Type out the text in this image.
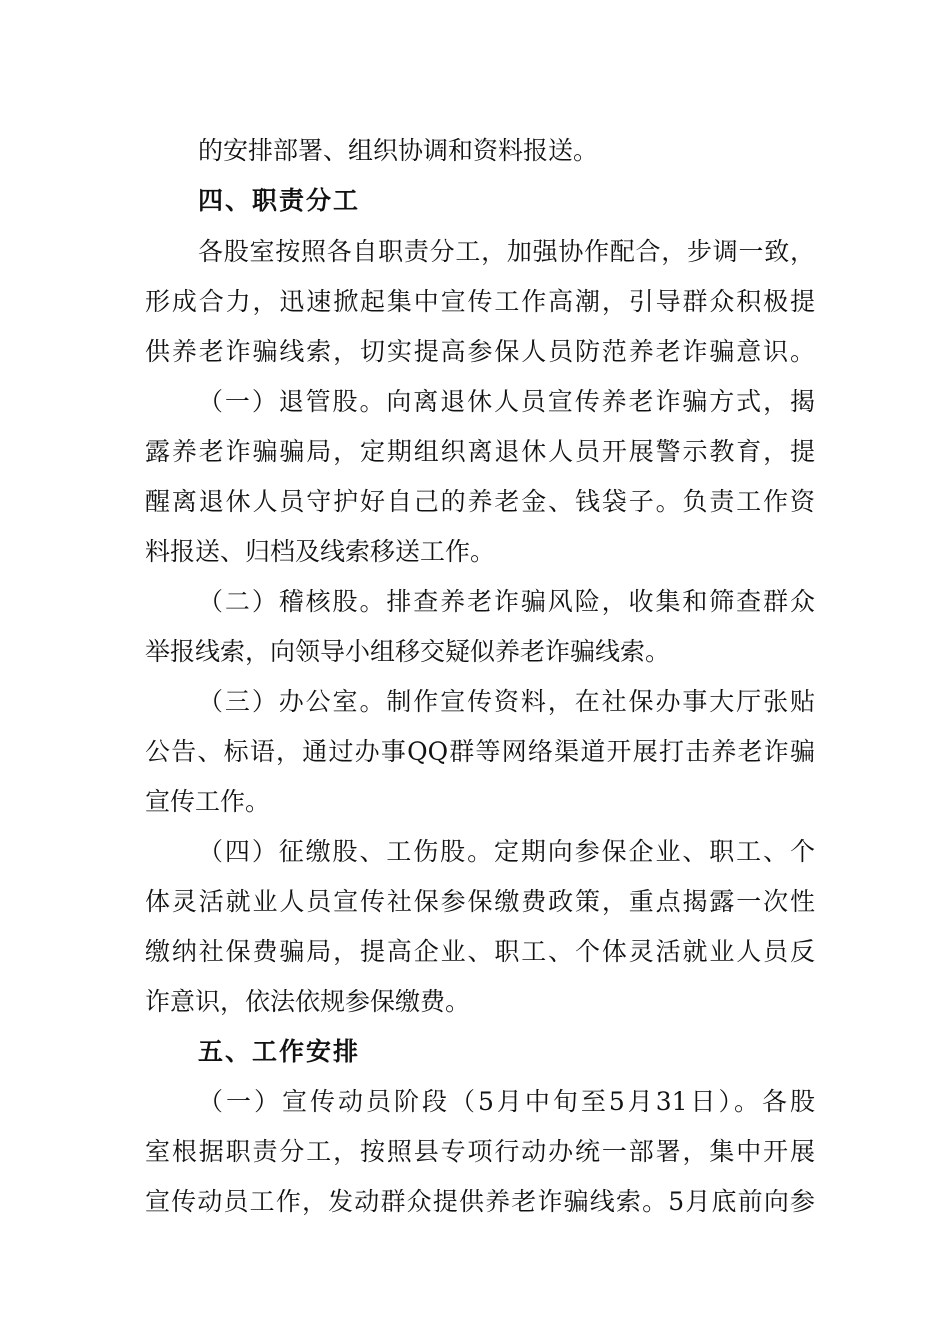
的安排部署、组织协调和资料报送。
四、职责分工
各股室按照各自职责分工，加强协作配合，步调一致，
形成合力，迅速掀起集中宣传工作高潮，引导群众积极提
供养老诈骗线索，切实提高参保人员防范养老诈骗意识。
（一）退管股。向离退休人员宣传养老诈骗方式，揭
露养老诈骗骗局，定期组织离退休人员开展警示教育，提
醒离退休人员守护好自己的养老金、钱袋子。负责工作资
料报送、归档及线索移送工作。
（二）稽核股。排查养老诈骗风险，收集和筛查群众
举报线索，向领导小组移交疑似养老诈骗线索。
（三）办公室。制作宣传资料，在社保办事大厅张贴
公告、标语，通过办事QQ群等网络渠道开展打击养老诈骗
宣传工作。
（四）征缴股、工伤股。定期向参保企业、职工、个
体灵活就业人员宣传社保参保缴费政策，重点揭露一次性
缴纳社保费骗局，提高企业、职工、个体灵活就业人员反
诈意识，依法依规参保缴费。
五、工作安排
（一）宣传动员阶段（5月中旬至5月31日）。各股
室根据职责分工，按照县专项行动办统一部署，集中开展
宣传动员工作，发动群众提供养老诈骗线索。5月底前向参
